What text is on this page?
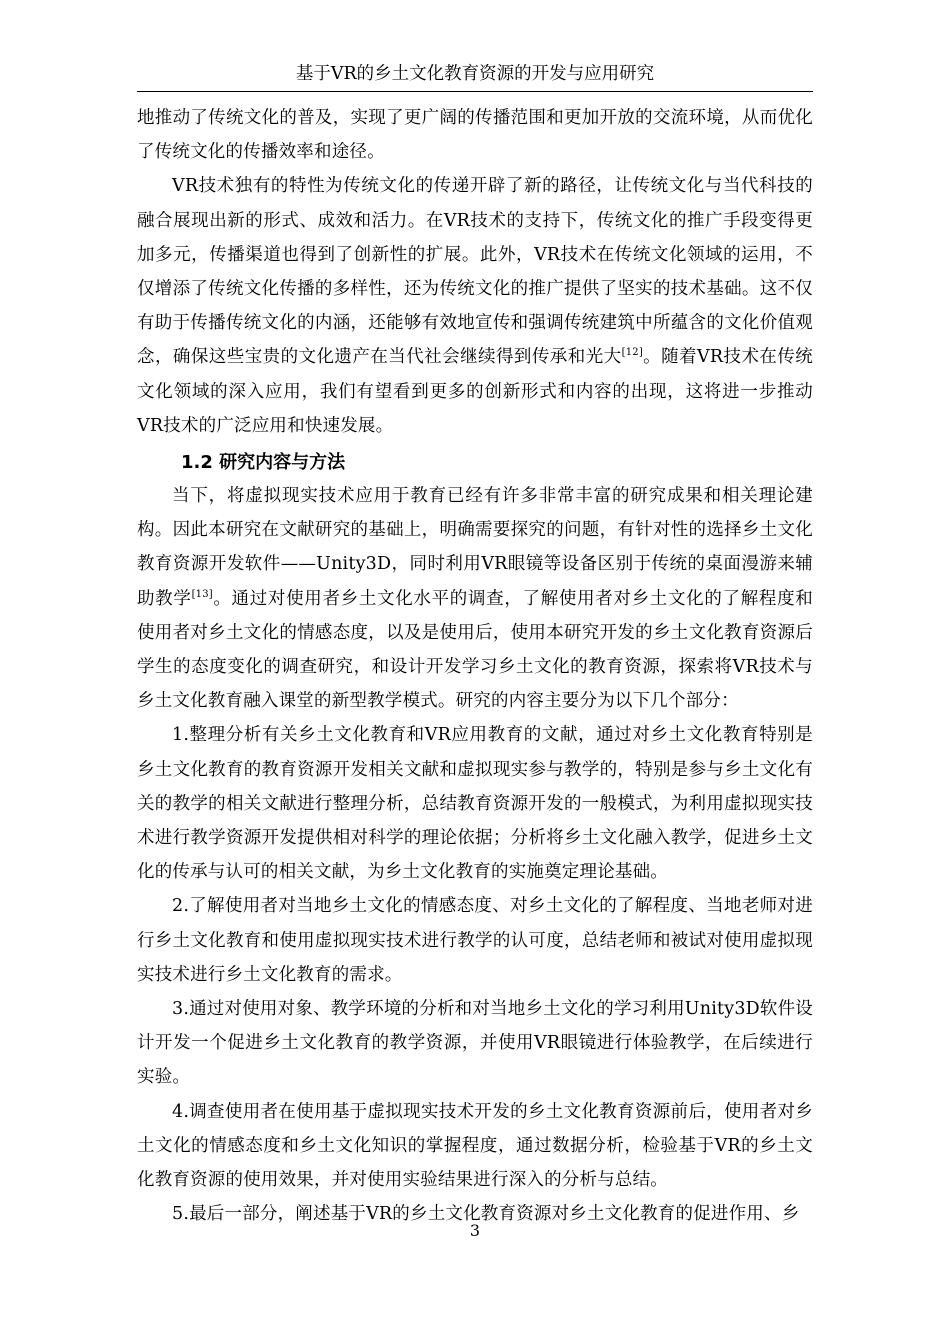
基于VR的乡土文化教育资源的开发与应用研究

地推动了传统文化的普及，实现了更广阔的传播范围和更加开放的交流环境，从而优化了传统文化的传播效率和途径。

VR技术独有的特性为传统文化的传递开辟了新的路径，让传统文化与当代科技的融合展现出新的形式、成效和活力。在VR技术的支持下，传统文化的推广手段变得更加多元，传播渠道也得到了创新性的扩展。此外，VR技术在传统文化领域的运用，不仅增添了传统文化传播的多样性，还为传统文化的推广提供了坚实的技术基础。这不仅有助于传播传统文化的内涵，还能够有效地宣传和强调传统建筑中所蕴含的文化价值观念，确保这些宝贵的文化遗产在当代社会继续得到传承和光大[12]。随着VR技术在传统文化领域的深入应用，我们有望看到更多的创新形式和内容的出现，这将进一步推动VR技术的广泛应用和快速发展。

1.2 研究内容与方法

当下，将虚拟现实技术应用于教育已经有许多非常丰富的研究成果和相关理论建构。因此本研究在文献研究的基础上，明确需要探究的问题，有针对性的选择乡土文化教育资源开发软件——Unity3D，同时利用VR眼镜等设备区别于传统的桌面漫游来辅助教学[13]。通过对使用者乡土文化水平的调查，了解使用者对乡土文化的了解程度和使用者对乡土文化的情感态度，以及是使用后，使用本研究开发的乡土文化教育资源后学生的态度变化的调查研究，和设计开发学习乡土文化的教育资源，探索将VR技术与乡土文化教育融入课堂的新型教学模式。研究的内容主要分为以下几个部分：

1.整理分析有关乡土文化教育和VR应用教育的文献，通过对乡土文化教育特别是乡土文化教育的教育资源开发相关文献和虚拟现实参与教学的，特别是参与乡土文化有关的教学的相关文献进行整理分析，总结教育资源开发的一般模式，为利用虚拟现实技术进行教学资源开发提供相对科学的理论依据；分析将乡土文化融入教学，促进乡土文化的传承与认可的相关文献，为乡土文化教育的实施奠定理论基础。

2.了解使用者对当地乡土文化的情感态度、对乡土文化的了解程度、当地老师对进行乡土文化教育和使用虚拟现实技术进行教学的认可度，总结老师和被试对使用虚拟现实技术进行乡土文化教育的需求。

3.通过对使用对象、教学环境的分析和对当地乡土文化的学习利用Unity3D软件设计开发一个促进乡土文化教育的教学资源，并使用VR眼镜进行体验教学，在后续进行实验。

4.调查使用者在使用基于虚拟现实技术开发的乡土文化教育资源前后，使用者对乡土文化的情感态度和乡土文化知识的掌握程度，通过数据分析，检验基于VR的乡土文化教育资源的使用效果，并对使用实验结果进行深入的分析与总结。

5.最后一部分，阐述基于VR的乡土文化教育资源对乡土文化教育的促进作用、乡

3
